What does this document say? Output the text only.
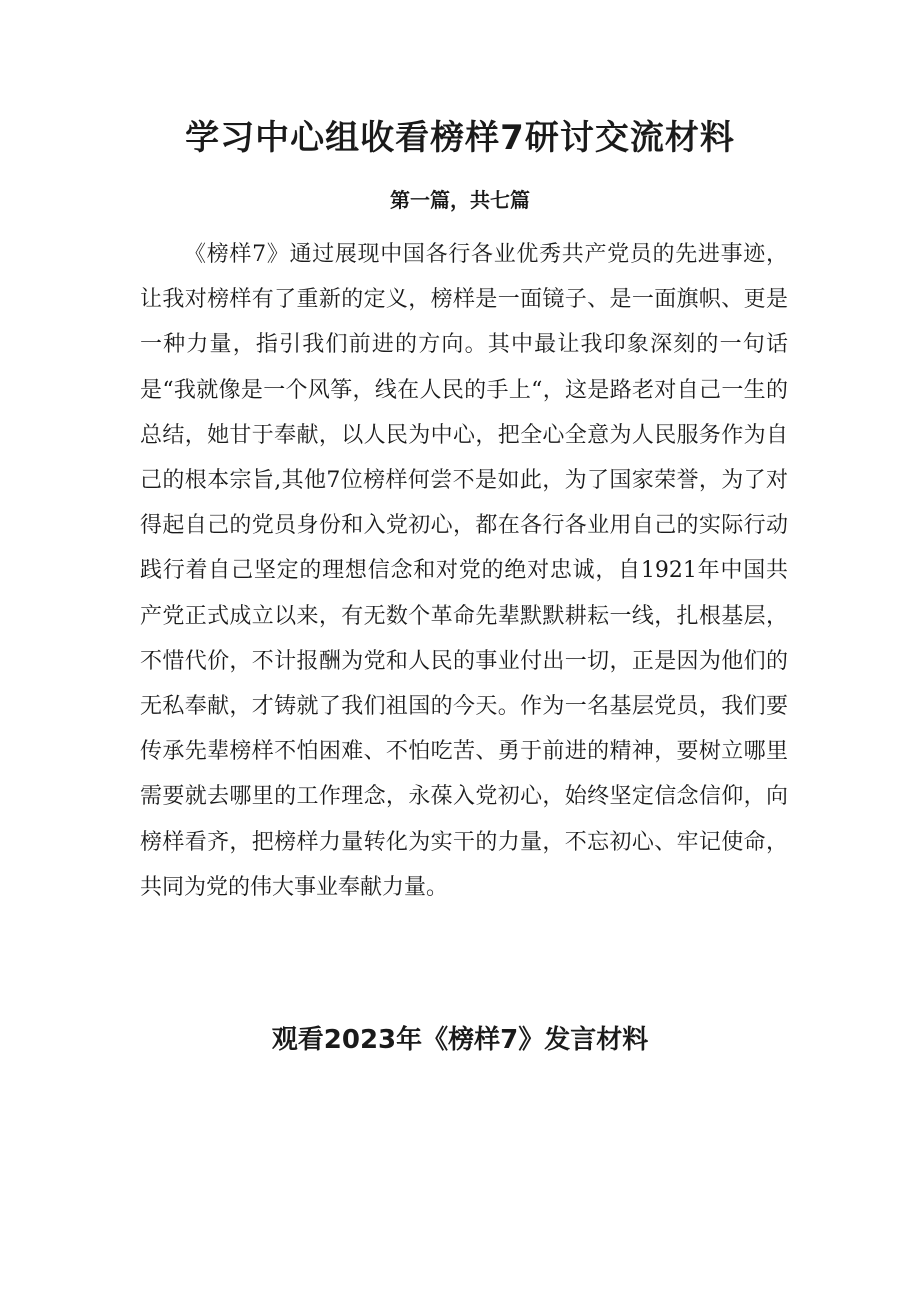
学习中心组收看榜样7研讨交流材料
第一篇，共七篇

《榜样7》通过展现中国各行各业优秀共产党员的先进事迹，让我对榜样有了重新的定义，榜样是一面镜子、是一面旗帜、更是一种力量，指引我们前进的方向。其中最让我印象深刻的一句话是“我就像是一个风筝，线在人民的手上“，这是路老对自己一生的总结，她甘于奉献，以人民为中心，把全心全意为人民服务作为自己的根本宗旨,其他7位榜样何尝不是如此，为了国家荣誉，为了对得起自己的党员身份和入党初心，都在各行各业用自己的实际行动践行着自己坚定的理想信念和对党的绝对忠诚，自1921年中国共产党正式成立以来，有无数个革命先辈默默耕耘一线，扎根基层，不惜代价，不计报酬为党和人民的事业付出一切，正是因为他们的无私奉献，才铸就了我们祖国的今天。作为一名基层党员，我们要传承先辈榜样不怕困难、不怕吃苦、勇于前进的精神，要树立哪里需要就去哪里的工作理念，永葆入党初心，始终坚定信念信仰，向榜样看齐，把榜样力量转化为实干的力量，不忘初心、牢记使命，共同为党的伟大事业奉献力量。

观看2023年《榜样7》发言材料
